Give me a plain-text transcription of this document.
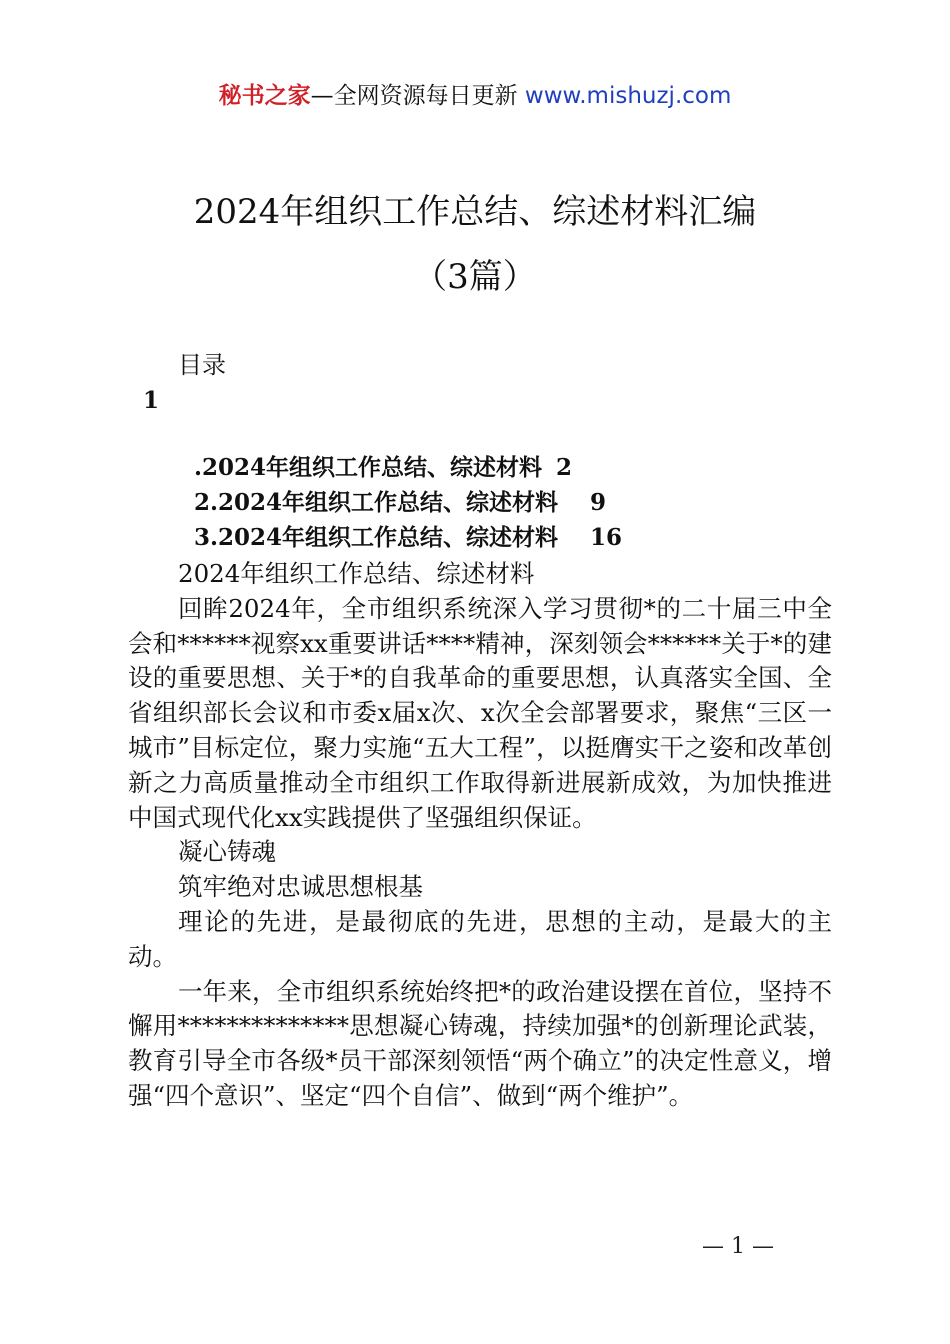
秘书之家—全网资源每日更新 www.mishuzj.com
2024年组织工作总结、综述材料汇编
（3篇）
目录
1

.2024年组织工作总结、综述材料 2

2.2024年组织工作总结、综述材料 9

3.2024年组织工作总结、综述材料 16

2024年组织工作总结、综述材料

回眸2024年，全市组织系统深入学习贯彻*的二十届三中全会和******视察xx重要讲话****精神，深刻领会******关于*的建设的重要思想、关于*的自我革命的重要思想，认真落实全国、全省组织部长会议和市委x届x次、x次全会部署要求，聚焦“三区一城市”目标定位，聚力实施“五大工程”，以挺膺实干之姿和改革创新之力高质量推动全市组织工作取得新进展新成效，为加快推进中国式现代化xx实践提供了坚强组织保证。

凝心铸魂

筑牢绝对忠诚思想根基

理论的先进，是最彻底的先进，思想的主动，是最大的主动。

一年来，全市组织系统始终把*的政治建设摆在首位，坚持不懈用**************思想凝心铸魂，持续加强*的创新理论武装，教育引导全市各级*员干部深刻领悟“两个确立”的决定性意义，增强“四个意识”、坚定“四个自信”、做到“两个维护”。

— 1 —
